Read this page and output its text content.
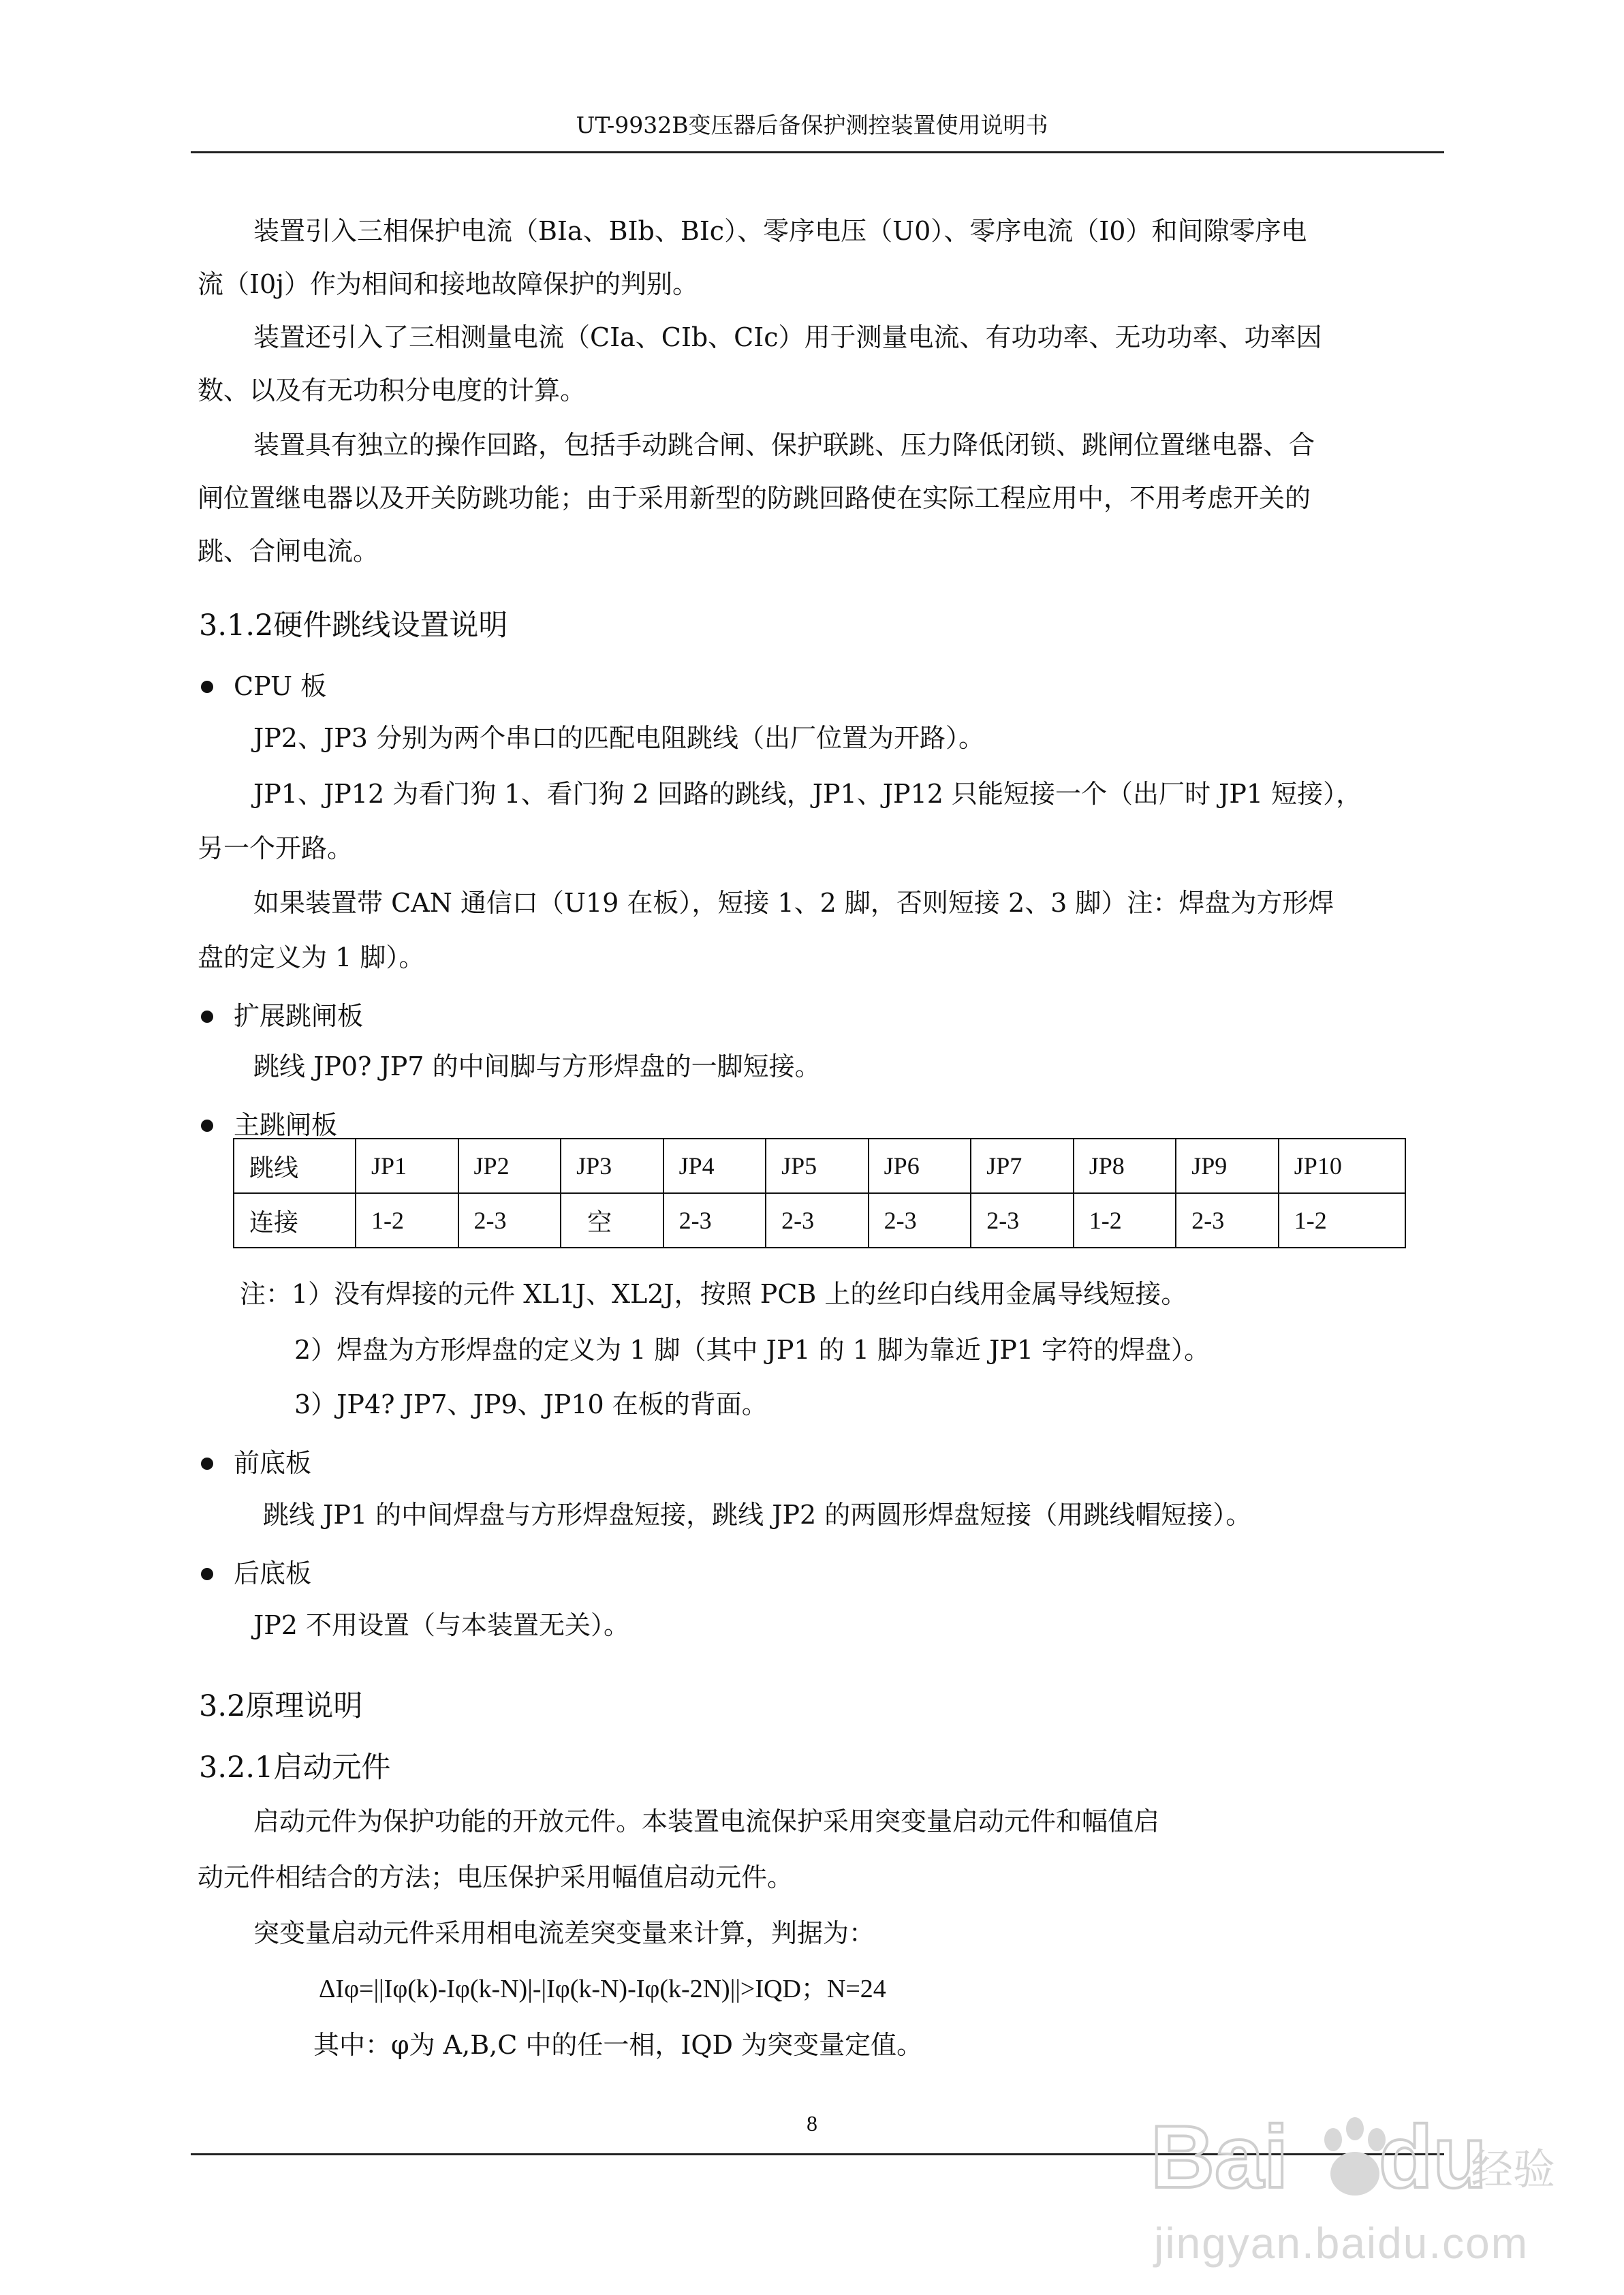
UT-9932B变压器后备保护测控装置使用说明书
装置引入三相保护电流（BIa、BIb、BIc）、零序电压（U0）、零序电流（I0）和间隙零序电
流（I0j）作为相间和接地故障保护的判别。
装置还引入了三相测量电流（CIa、CIb、CIc）用于测量电流、有功功率、无功功率、功率因
数、以及有无功积分电度的计算。
装置具有独立的操作回路，包括手动跳合闸、保护联跳、压力降低闭锁、跳闸位置继电器、合
闸位置继电器以及开关防跳功能；由于采用新型的防跳回路使在实际工程应用中，不用考虑开关的
跳、合闸电流。
3.1.2硬件跳线设置说明
CPU 板
JP2、JP3 分别为两个串口的匹配电阻跳线（出厂位置为开路）。
JP1、JP12 为看门狗 1、看门狗 2 回路的跳线，JP1、JP12 只能短接一个（出厂时 JP1 短接），
另一个开路。
如果装置带 CAN 通信口（U19 在板），短接 1、2 脚，否则短接 2、3 脚）注：焊盘为方形焊
盘的定义为 1 脚）。
扩展跳闸板
跳线 JP0? JP7 的中间脚与方形焊盘的一脚短接。
主跳闸板
跳线	JP1	JP2	JP3	JP4	JP5	JP6	JP7	JP8	JP9	JP10
连接	1-2	2-3	空	2-3	2-3	2-3	2-3	1-2	2-3	1-2
注：1）没有焊接的元件 XL1J、XL2J，按照 PCB 上的丝印白线用金属导线短接。
2）焊盘为方形焊盘的定义为 1 脚（其中 JP1 的 1 脚为靠近 JP1 字符的焊盘）。
3）JP4? JP7、JP9、JP10 在板的背面。
前底板
跳线 JP1 的中间焊盘与方形焊盘短接，跳线 JP2 的两圆形焊盘短接（用跳线帽短接）。
后底板
JP2 不用设置（与本装置无关）。
3.2原理说明
3.2.1启动元件
启动元件为保护功能的开放元件。本装置电流保护采用突变量启动元件和幅值启
动元件相结合的方法；电压保护采用幅值启动元件。
突变量启动元件采用相电流差突变量来计算，判据为：
ΔIφ=||Iφ(k)-Iφ(k-N)|-|Iφ(k-N)-Iφ(k-2N)||>IQD；N=24
其中：φ为 A,B,C 中的任一相，IQD 为突变量定值。
8	Bai du
经验
jingyan.baidu.com
